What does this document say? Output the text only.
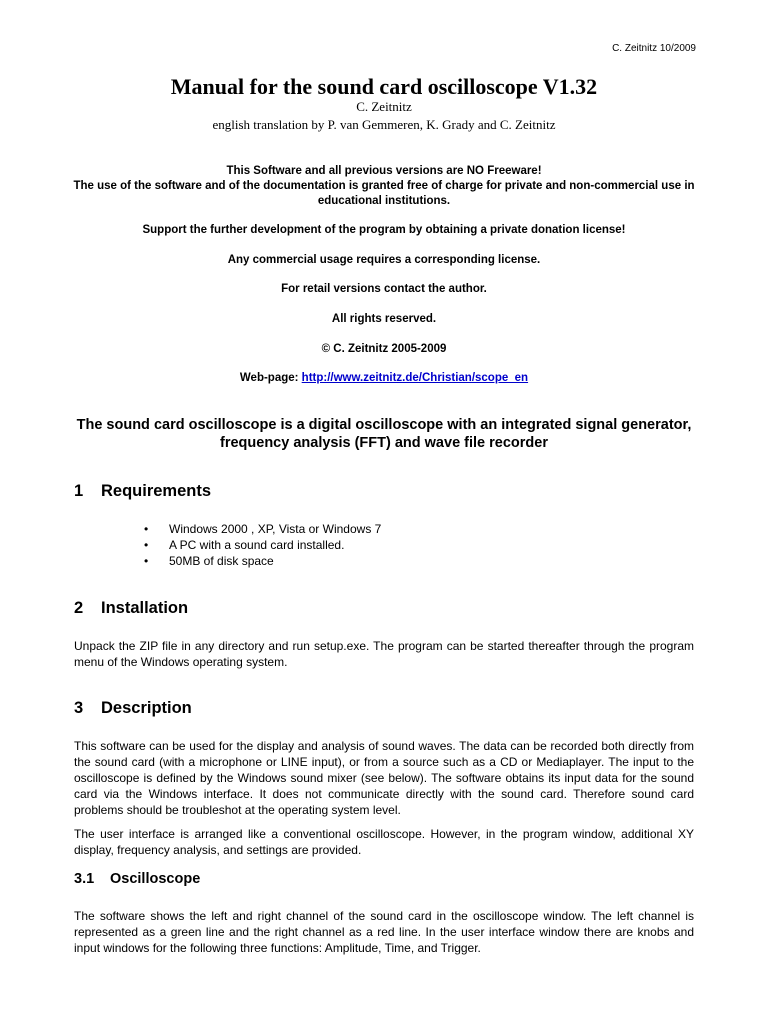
C. Zeitnitz 10/2009
Manual for the sound card oscilloscope V1.32
C. Zeitnitz
english translation by P. van Gemmeren, K. Grady and C. Zeitnitz
This Software and all previous versions are NO Freeware!
The use of the software and of the documentation is granted free of charge for private and non-commercial use in educational institutions.
Support the further development of the program by obtaining a private donation license!
Any commercial usage requires a corresponding license.
For retail versions contact the author.
All rights reserved.
© C. Zeitnitz 2005-2009
Web-page: http://www.zeitnitz.de/Christian/scope_en
The sound card oscilloscope is a digital oscilloscope with an integrated signal generator, frequency analysis (FFT) and wave file recorder
1 Requirements
• Windows 2000 , XP, Vista or Windows 7
• A PC with a sound card installed.
• 50MB of disk space
2 Installation
Unpack the ZIP file in any directory and run setup.exe. The program can be started thereafter through the program menu of the Windows operating system.
3 Description
This software can be used for the display and analysis of sound waves. The data can be recorded both directly from the sound card (with a microphone or LINE input), or from a source such as a CD or Mediaplayer. The input to the oscilloscope is defined by the Windows sound mixer (see below). The software obtains its input data for the sound card via the Windows interface. It does not communicate directly with the sound card. Therefore sound card problems should be troubleshot at the operating system level.
The user interface is arranged like a conventional oscilloscope. However, in the program window, additional XY display, frequency analysis, and settings are provided.
3.1 Oscilloscope
The software shows the left and right channel of the sound card in the oscilloscope window. The left channel is represented as a green line and the right channel as a red line. In the user interface window there are knobs and input windows for the following three functions: Amplitude, Time, and Trigger.
